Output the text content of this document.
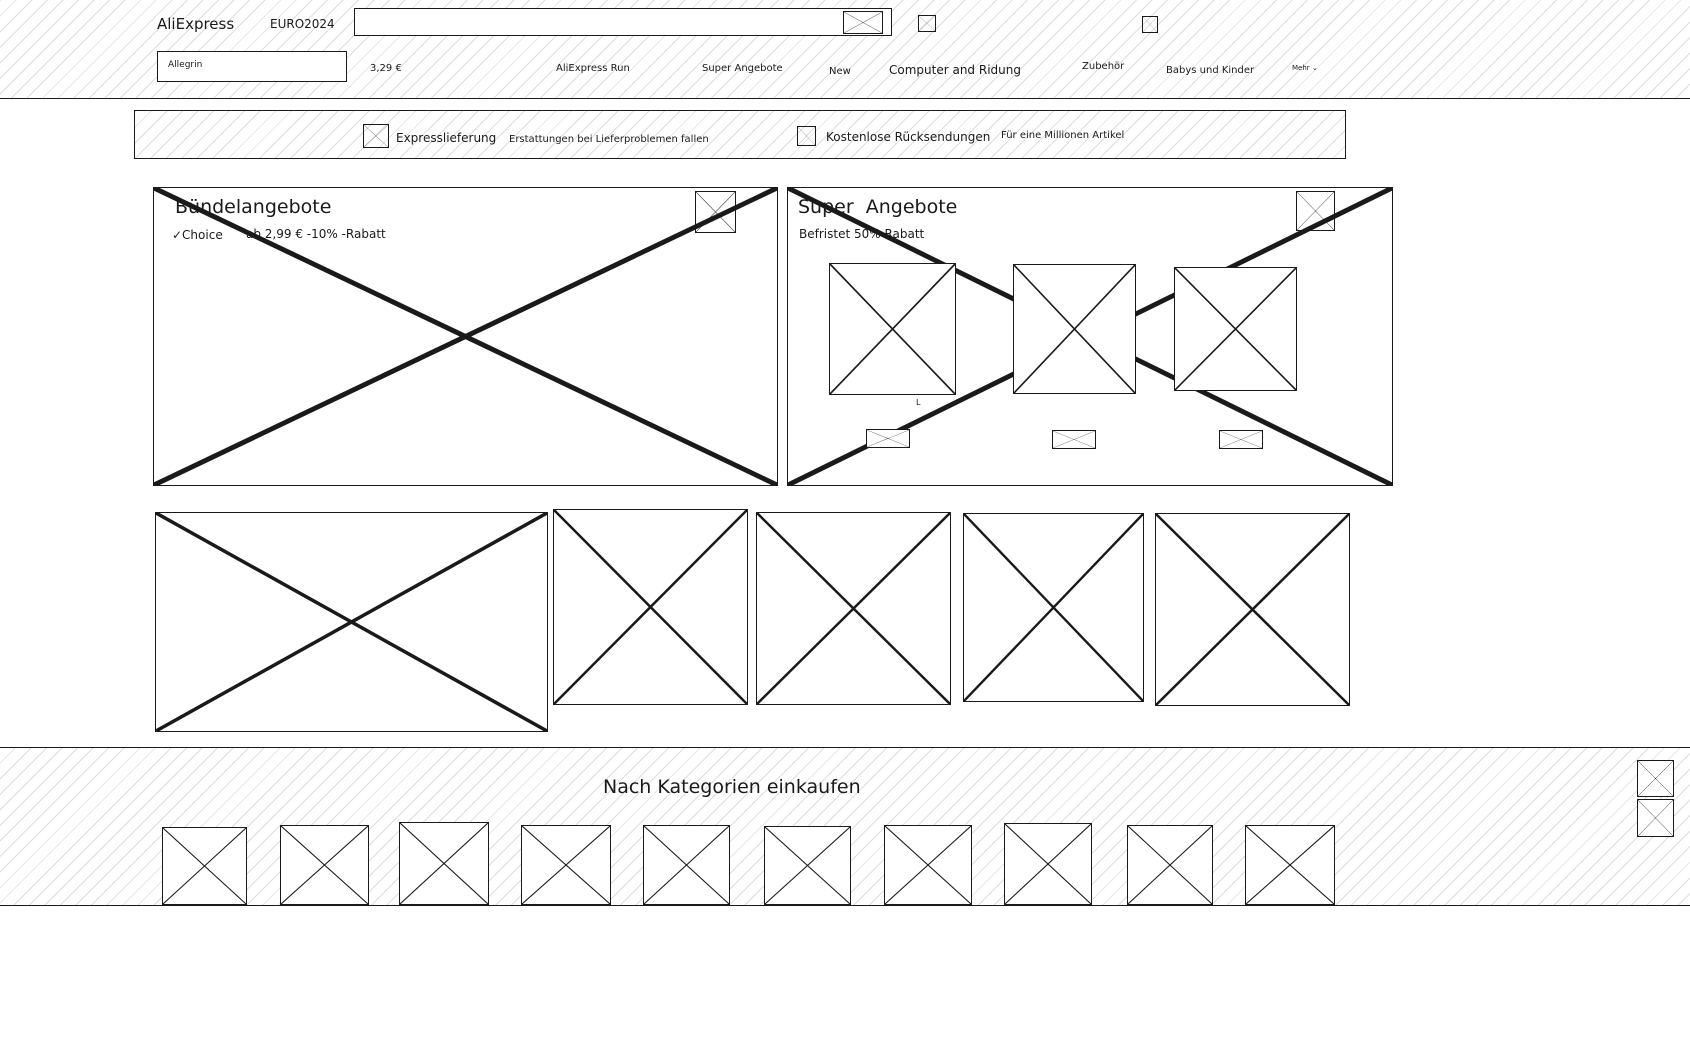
AliExpress	EURO2024
Allegrin	3,29 €	AliExpress Run	Super Angebote	New	Computer and Ridung	Zubehör	Babys und Kinder	Mehr ⌄
Expresslieferung Erstattungen bei Lieferproblemen fallen	Kostenlose Rücksendungen Für eine Millionen Artikel
Bündelangebote
✓Choice ab 2,99 € -10% -Rabatt
Super  Angebote
Befristet 50% Rabatt
L
Nach Kategorien einkaufen
